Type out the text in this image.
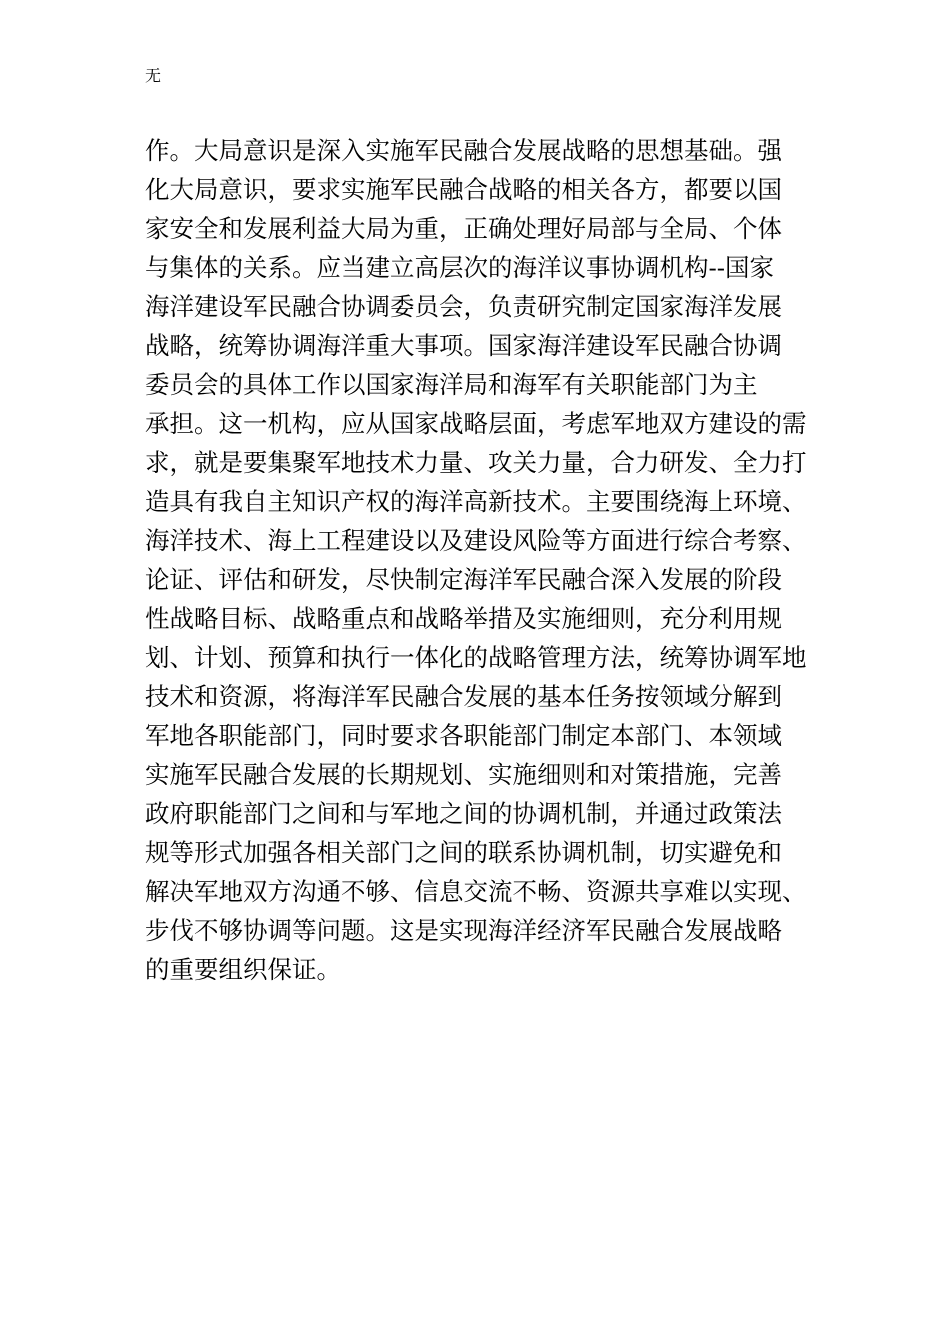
无
作。大局意识是深入实施军民融合发展战略的思想基础。强
化大局意识，要求实施军民融合战略的相关各方，都要以国
家安全和发展利益大局为重，正确处理好局部与全局、个体
与集体的关系。应当建立高层次的海洋议事协调机构--国家
海洋建设军民融合协调委员会，负责研究制定国家海洋发展
战略，统筹协调海洋重大事项。国家海洋建设军民融合协调
委员会的具体工作以国家海洋局和海军有关职能部门为主
承担。这一机构，应从国家战略层面，考虑军地双方建设的需
求，就是要集聚军地技术力量、攻关力量，合力研发、全力打
造具有我自主知识产权的海洋高新技术。主要围绕海上环境、
海洋技术、海上工程建设以及建设风险等方面进行综合考察、
论证、评估和研发，尽快制定海洋军民融合深入发展的阶段
性战略目标、战略重点和战略举措及实施细则，充分利用规
划、计划、预算和执行一体化的战略管理方法，统筹协调军地
技术和资源，将海洋军民融合发展的基本任务按领域分解到
军地各职能部门，同时要求各职能部门制定本部门、本领域
实施军民融合发展的长期规划、实施细则和对策措施，完善
政府职能部门之间和与军地之间的协调机制，并通过政策法
规等形式加强各相关部门之间的联系协调机制，切实避免和
解决军地双方沟通不够、信息交流不畅、资源共享难以实现、
步伐不够协调等问题。这是实现海洋经济军民融合发展战略
的重要组织保证。
